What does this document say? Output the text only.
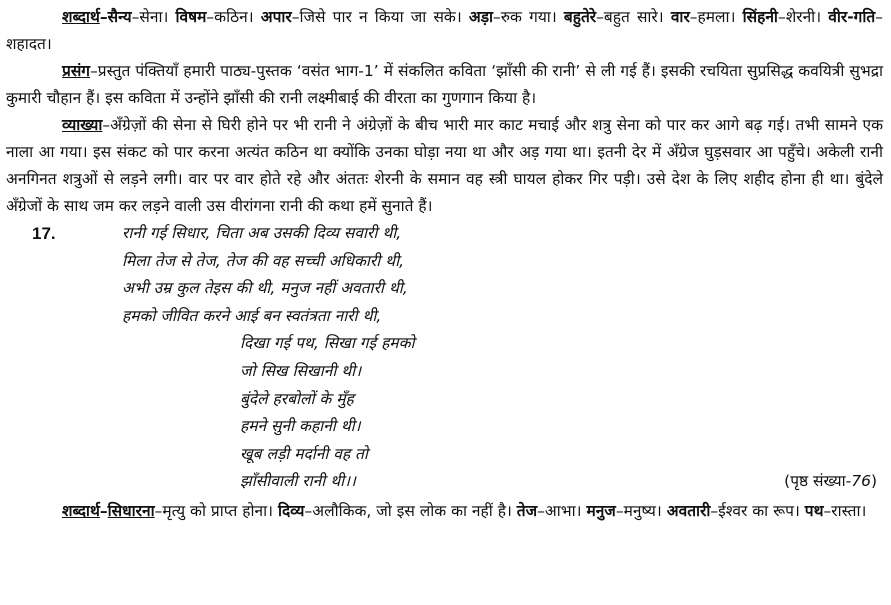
शब्दार्थ–सैन्य–सेना। विषम–कठिन। अपार–जिसे पार न किया जा सके। अड़ा–रुक गया। बहुतेरे–बहुत सारे। वार–हमला। सिंहनी–शेरनी। वीर-गति–शहादत।

प्रसंग–प्रस्तुत पंक्तियाँ हमारी पाठ्य-पुस्तक ‘वसंत भाग-1’ में संकलित कविता ‘झाँसी की रानी’ से ली गई हैं। इसकी रचयिता सुप्रसिद्ध कवयित्री सुभद्रा कुमारी चौहान हैं। इस कविता में उन्होंने झाँसी की रानी लक्ष्मीबाई की वीरता का गुणगान किया है।

व्याख्या–अँग्रेज़ों की सेना से घिरी होने पर भी रानी ने अंग्रेज़ों के बीच भारी मार काट मचाई और शत्रु सेना को पार कर आगे बढ़ गई। तभी सामने एक नाला आ गया। इस संकट को पार करना अत्यंत कठिन था क्योंकि उनका घोड़ा नया था और अड़ गया था। इतनी देर में अँग्रेज घुड़सवार आ पहुँचे। अकेली रानी अनगिनत शत्रुओं से लड़ने लगी। वार पर वार होते रहे और अंततः शेरनी के समान वह स्त्री घायल होकर गिर पड़ी। उसे देश के लिए शहीद होना ही था। बुंदेले अँग्रेजों के साथ जम कर लड़ने वाली उस वीरांगना रानी की कथा हमें सुनाते हैं।

17.	रानी गई सिधार, चिता अब उसकी दिव्य सवारी थी,
मिला तेज से तेज, तेज की वह सच्ची अधिकारी थी,
अभी उम्र कुल तेइस की थी, मनुज नहीं अवतारी थी,
हमको जीवित करने आई बन स्वतंत्रता नारी थी,
दिखा गई पथ, सिखा गई हमको
जो सिख सिखानी थी।
बुंदेले हरबोलों के मुँह
हमने सुनी कहानी थी।
खूब लड़ी मर्दानी वह तो
झाँसीवाली रानी थी।।	(पृष्ठ संख्या-76)

शब्दार्थ–सिधारना–मृत्यु को प्राप्त होना। दिव्य–अलौकिक, जो इस लोक का नहीं है। तेज–आभा। मनुज–मनुष्य। अवतारी–ईश्वर का रूप। पथ–रास्ता।
